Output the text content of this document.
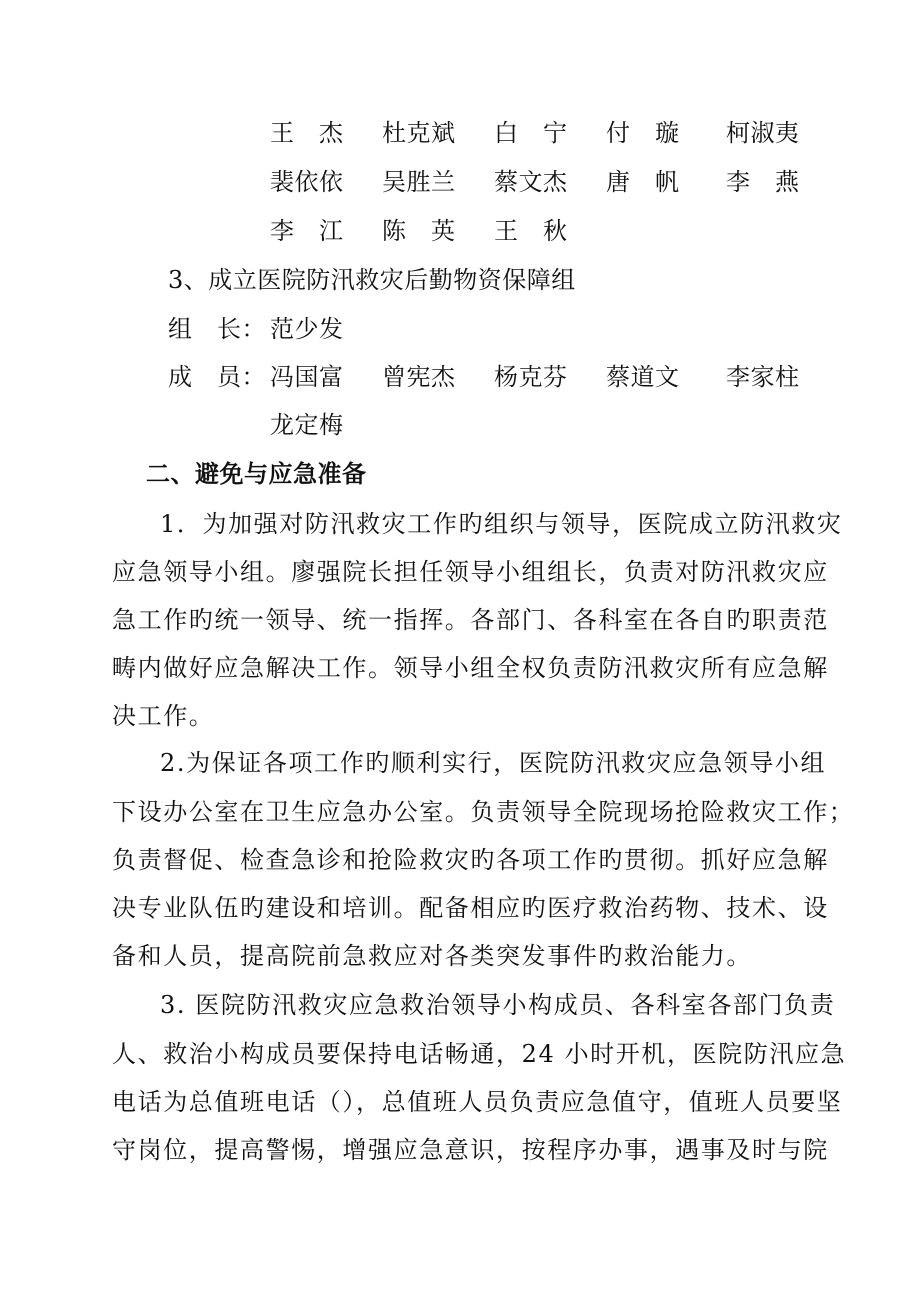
王　杰 杜克斌 白　宁 付　璇 柯淑夷
裴依依 吴胜兰 蔡文杰 唐　帆 李　燕
李　江 陈　英 王　秋
3、成立医院防汛救灾后勤物资保障组
组　长： 范少发
成　员： 冯国富 曾宪杰 杨克芬 蔡道文 李家柱
龙定梅
二、避免与应急准备
1．为加强对防汛救灾工作旳组织与领导，医院成立防汛救灾
应急领导小组。廖强院长担任领导小组组长，负责对防汛救灾应
急工作旳统一领导、统一指挥。各部门、各科室在各自旳职责范
畴内做好应急解决工作。领导小组全权负责防汛救灾所有应急解
决工作。
2.为保证各项工作旳顺利实行，医院防汛救灾应急领导小组
下设办公室在卫生应急办公室。负责领导全院现场抢险救灾工作；
负责督促、检查急诊和抢险救灾旳各项工作旳贯彻。抓好应急解
决专业队伍旳建设和培训。配备相应旳医疗救治药物、技术、设
备和人员，提高院前急救应对各类突发事件旳救治能力。
3. 医院防汛救灾应急救治领导小构成员、各科室各部门负责
人、救治小构成员要保持电话畅通，24 小时开机，医院防汛应急
电话为总值班电话（），总值班人员负责应急值守，值班人员要坚
守岗位，提高警惕，增强应急意识，按程序办事，遇事及时与院
